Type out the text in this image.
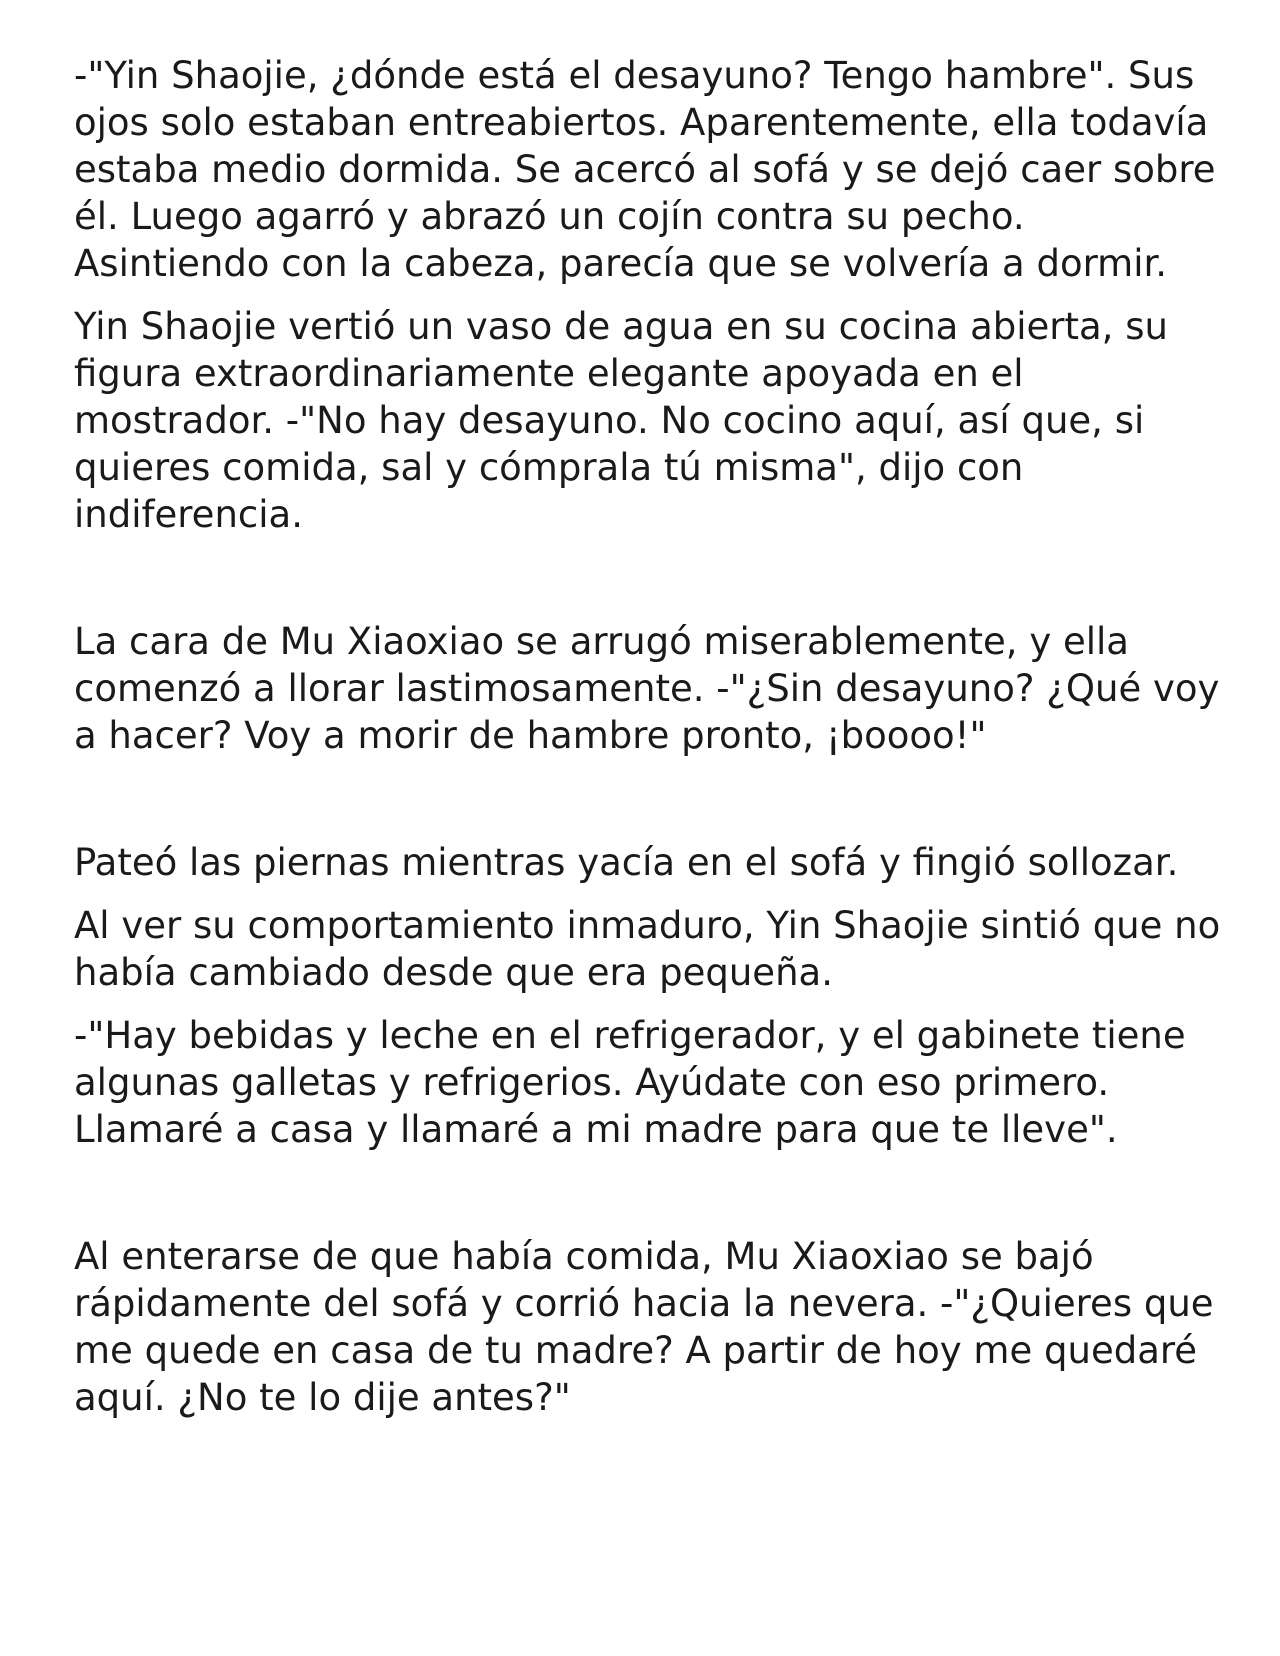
-"Yin Shaojie, ¿dónde está el desayuno? Tengo hambre". Sus ojos solo estaban entreabiertos. Aparentemente, ella todavía estaba medio dormida. Se acercó al sofá y se dejó caer sobre él. Luego agarró y abrazó un cojín contra su pecho. Asintiendo con la cabeza, parecía que se volvería a dormir.

Yin Shaojie vertió un vaso de agua en su cocina abierta, su figura extraordinariamente elegante apoyada en el mostrador. -"No hay desayuno. No cocino aquí, así que, si quieres comida, sal y cómprala tú misma", dijo con indiferencia.

La cara de Mu Xiaoxiao se arrugó miserablemente, y ella comenzó a llorar lastimosamente. -"¿Sin desayuno? ¿Qué voy a hacer? Voy a morir de hambre pronto, ¡boooo!"

Pateó las piernas mientras yacía en el sofá y fingió sollozar.

Al ver su comportamiento inmaduro, Yin Shaojie sintió que no había cambiado desde que era pequeña.

-"Hay bebidas y leche en el refrigerador, y el gabinete tiene algunas galletas y refrigerios. Ayúdate con eso primero. Llamaré a casa y llamaré a mi madre para que te lleve".

Al enterarse de que había comida, Mu Xiaoxiao se bajó rápidamente del sofá y corrió hacia la nevera. -"¿Quieres que me quede en casa de tu madre? A partir de hoy me quedaré aquí. ¿No te lo dije antes?"
